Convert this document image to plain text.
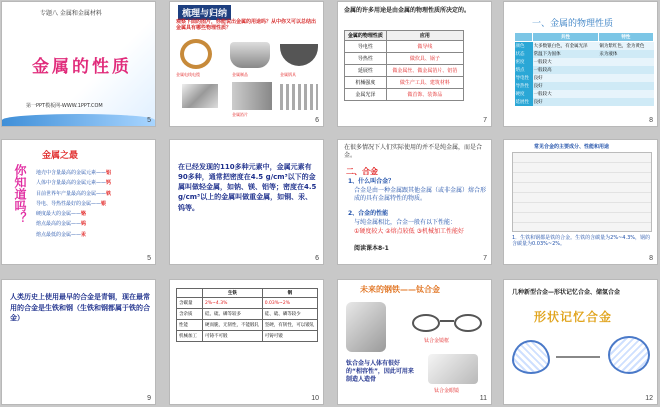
专题八 金属和金属材料
金属的性质
第一PPT模板网-WWW.1PPT.COM
5
梳理与归纳
观察下面的图片，你能说出金属的用途吗？从中你又可以总结出金属具有哪些物理性质？
金属电线电缆	金属制品	金属锅具
金属箔片
6
金属的许多用途是由金属的物理性质所决定的。
金属的物理性质	应用
导电性	做导线
导热性	做炊具、锅子
延展性	做金属丝、做金属箔片、铝箔
机械强度	做生产工具、建筑材料
金属光泽	做首饰、装饰品
7
一、金属的物理性质
	共性	特性
颜色	大多数银白色，有金属光泽	铜为紫红色，金为黄色
状态	常温下为固体	汞为液体
密度	一般较大	
熔点	一般较高	
导电性	良好	
导热性	良好	
硬度	一般较大	
延展性	良好	
8
金属之最
你知道吗？ 地壳中含量最高的金属元素——铝
人体中含量最高的金属元素——钙
目前世界年产量最高的金属——铁
导电、导热性最好的金属——银
硬度最大的金属——铬
熔点最高的金属——钨
熔点最低的金属——汞
5
在已经发现的110多种元素中，金属元素有90多种，通常把密度在4.5 g/cm³以下的金属叫做轻金属，如钠、镁、铝等；密度在4.5 g/cm³以上的金属叫做重金属，如铜、汞、钨等。
6
在很多情况下人们实际使用的并不是纯金属，而是合金。
二、合金
1、什么叫合金？
合金是由一种金属跟其他金属（或非金属）熔合形成的具有金属特性的物质。
2、合金的性能
与纯金属相比，合金一般有以下性能：
①硬度较大 ②熔点较低 ③机械加工性能好
阅读课本8-1
7
常见合金的主要成分、性能和用途
1．生铁和钢都是铁的合金。生铁的含碳量为2%~4.3%，钢的含碳量为0.03%~2%。
8
人类历史上使用最早的合金是青铜，现在最常用的合金是生铁和钢（生铁和钢都属于铁的合金）
9
	生铁	钢
含碳量	2%~4.3%	0.03%~2%
含杂质	硅、硫、磷等较多	硅、硫、磷等较少
性能	硬而脆，无韧性，不能锻轧	坚硬，有韧性，可以锻轧
机械加工	可铸不可锻	可铸可锻
10
未来的钢铁——钛合金
钛合金镜框
钛合金与人体有很好的“相容性”，因此可用来制造人造骨
钛合金眼镜
11
几种新型合金—形状记忆合金、储氢合金
形状记忆合金
12
